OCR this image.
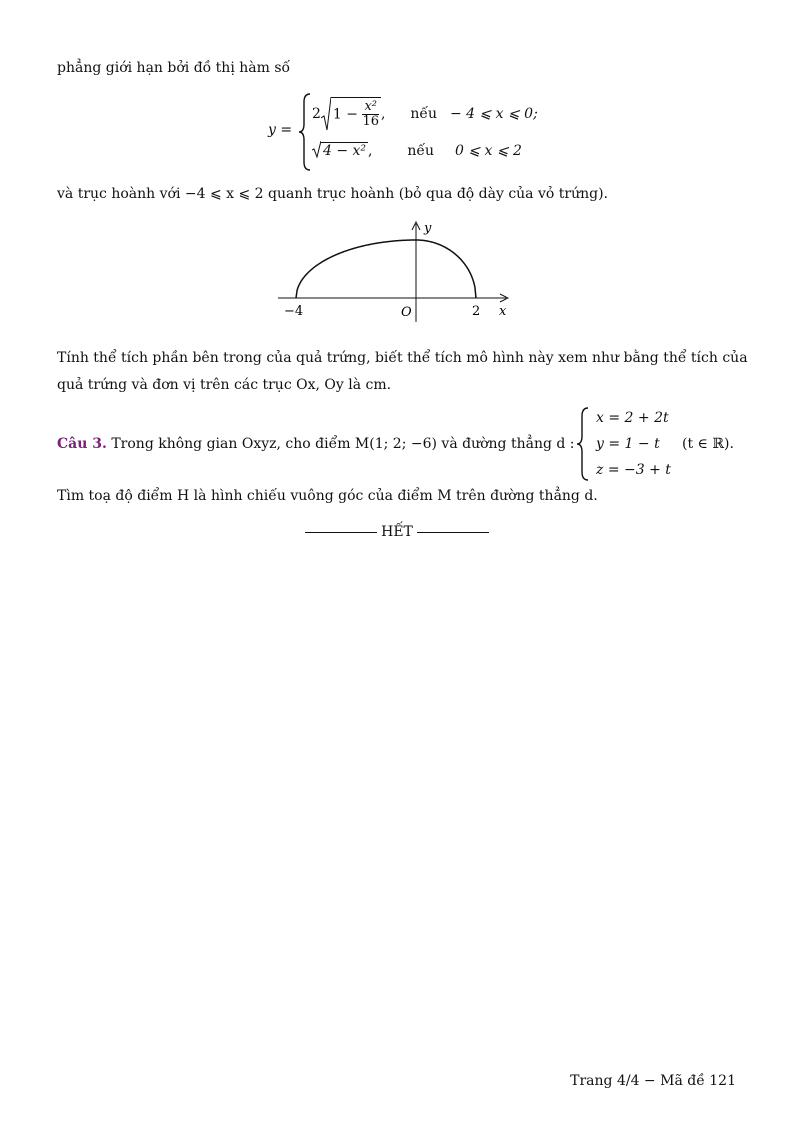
phẳng giới hạn bởi đồ thị hàm số
y =
2 $1 - \frac{\text{x²}}{16}$ , nếu − 4 ⩽ x ⩽ 0;
4 − x² , nếu 0 ⩽ x ⩽ 2
và trục hoành với −4 ⩽ x ⩽ 2 quanh trục hoành (bỏ qua độ dày của vỏ trứng).
y
x
O
−4	2
Tính thể tích phần bên trong của quả trứng, biết thể tích mô hình này xem như bằng thể tích của
quả trứng và đơn vị trên các trục Ox, Oy là cm.
Câu 3. Trong không gian Oxyz, cho điểm M(1; 2; −6) và đường thẳng d :
x = 2 + 2t
y = 1 − t
z = −3 + t
(t ∈ ℝ).
Tìm toạ độ điểm H là hình chiếu vuông góc của điểm M trên đường thẳng d.
HẾT
Trang 4/4 − Mã đề 121
